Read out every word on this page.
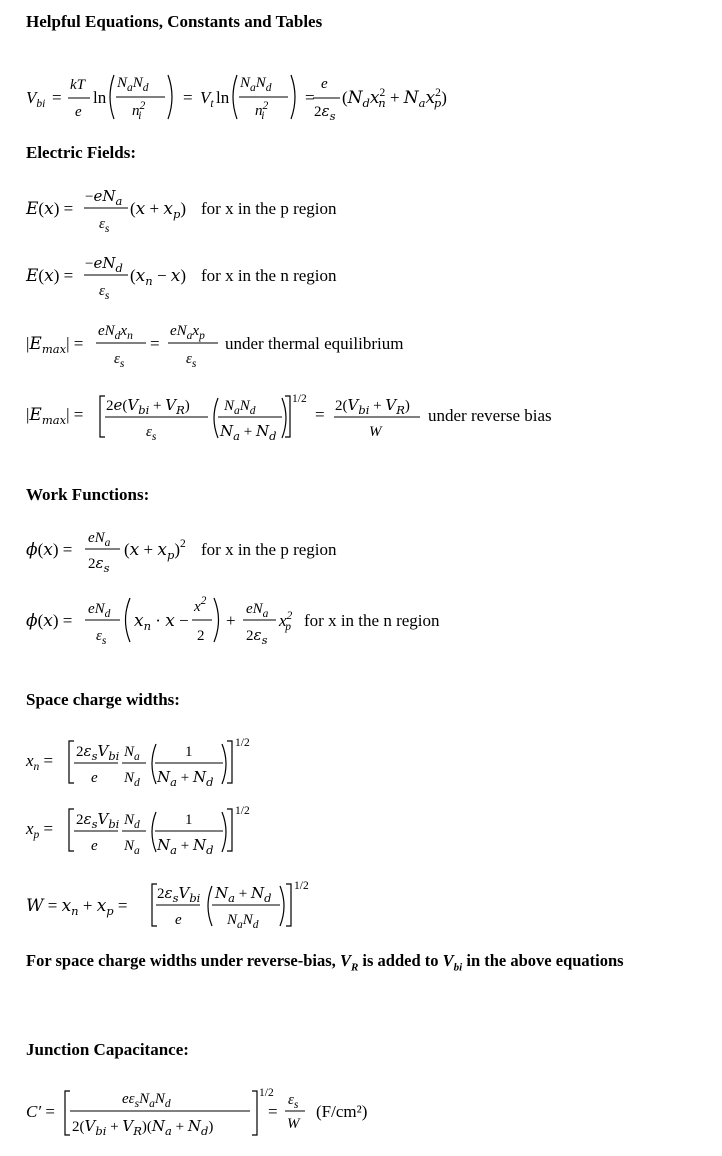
Helpful Equations, Constants and Tables
Electric Fields:
Work Functions:
Space charge widths:
Junction Capacitance:
For space charge widths under reverse-bias, $V_R$ is added to $V_{bi}$ in the above equations
$V_{bi}$ =
kT
e
ln
$N_aN_d$
$n^2$ i
= $V_t$ ln
$N_aN_d$
$n^2$ i
=
e
$2\varepsilon_s$
($N_dx^2$ $n + N_ax^2$ p)
E(x) =
$-eN_a$
$\varepsilon_s$
$(x + x_p)$ for x in the p region
E(x) =
$-eN_d$
$\varepsilon_s$
$(x_n - x)$ for x in the n region
$|E_{max}|$ =
$eN_dx_n$
$\varepsilon_s$
=
$eN_ax_p$
$\varepsilon_s$
under thermal equilibrium
$|E_{max}| = 2e(V_{bi} + V_R)$
$\varepsilon_s$
$N_aN_d$
$N_a + N_d$
1/2
= $2(V_{bi} + V_R)$
W
under reverse bias
ϕ(x) =
$eN_a$
$2\varepsilon_s$
$(x + x_p)^2$ for x in the p region
ϕ(x) =
$eN_d$
$\varepsilon_s$
$x_n \cdot x$ −
$x^2$
2
+
$eN_a$
$2\varepsilon_s$
$x^2$ p for x in the n region
$x_n = 2\varepsilon_sV_{bi}$
e
$N_a$
$N_d$
1
$N_a + N_d$
1/2
$x_p = 2\varepsilon_sV_{bi}$
e
$N_d$
$N_a$
1
$N_a + N_d$
1/2
$W = x_n + x_p$ =
$2\varepsilon_sV_{bi}$
e
$N_a + N_d$
$N_aN_d$
1/2
C′ =
$e\varepsilon_sN_aN_d$
$2(V_{bi} + V_R)(N_a + N_d)$
1/2
=
$\varepsilon_s$
W
(F/cm²)
